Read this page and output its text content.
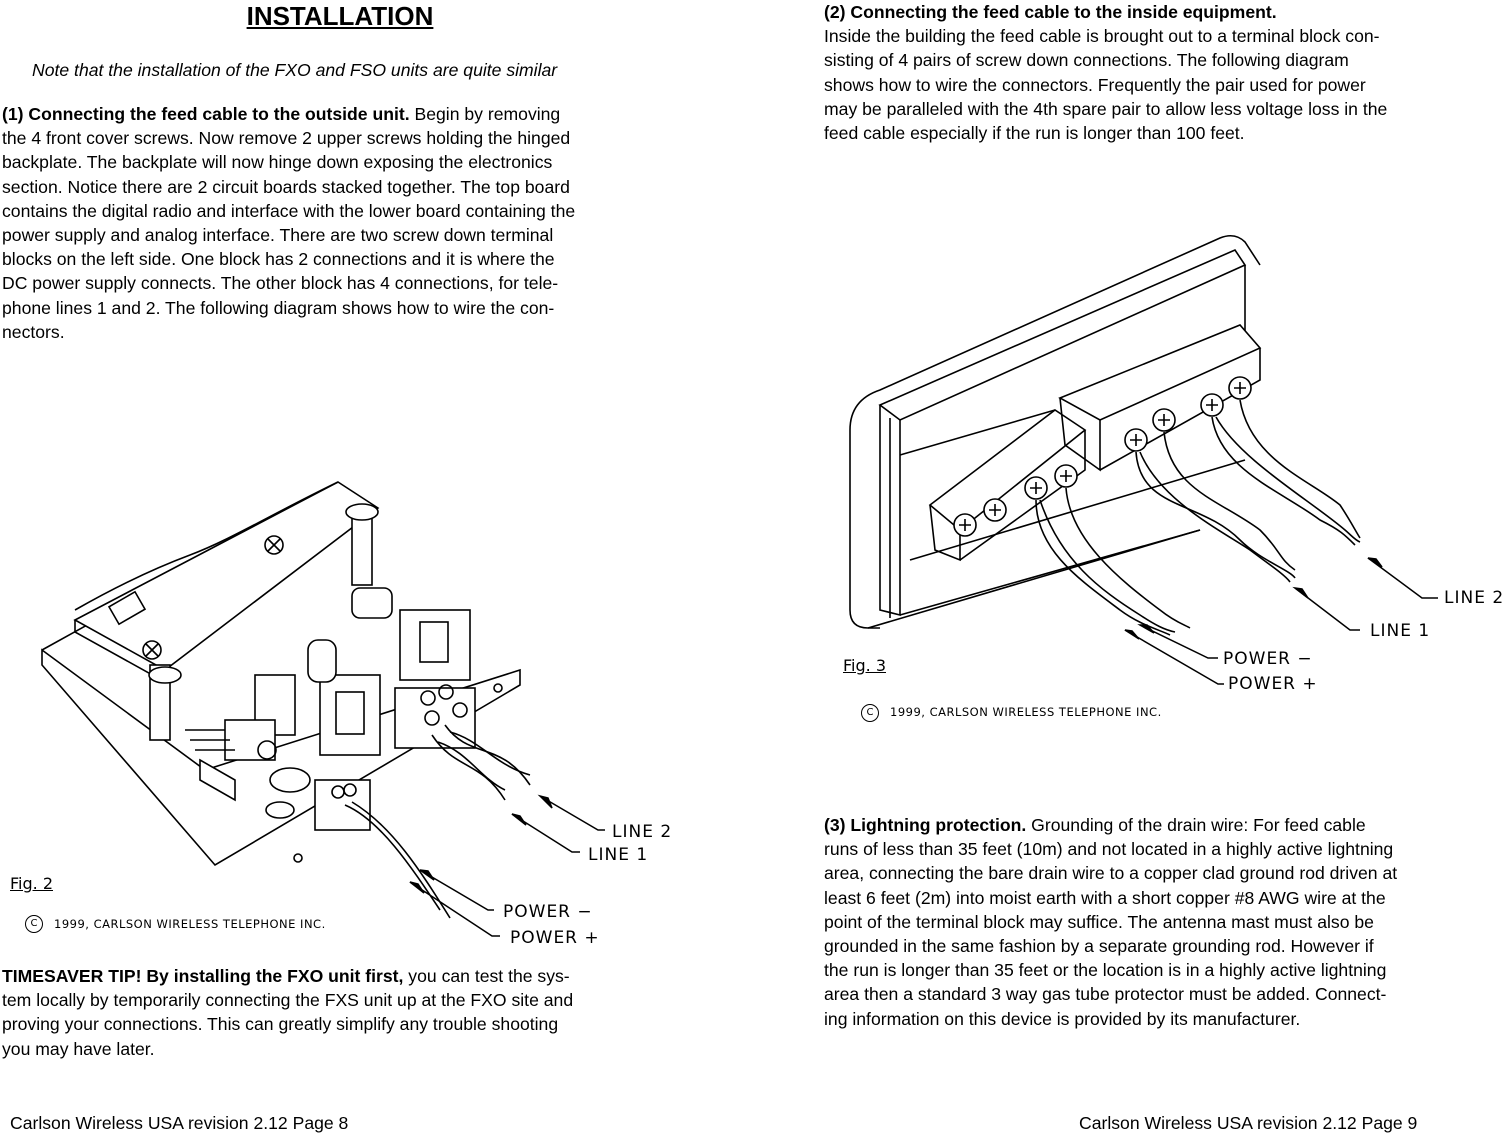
INSTALLATION
Note that the installation of the FXO and FSO units are quite similar
(1) Connecting the feed cable to the outside unit. Begin by removing
the 4 front cover screws. Now remove 2 upper screws holding the hinged
backplate. The backplate will now hinge down exposing the electronics
section. Notice there are 2 circuit boards stacked together. The top board
contains the digital radio and interface with the lower board containing the
power supply and analog interface. There are two screw down terminal
blocks on the left side. One block has 2 connections and it is where the
DC power supply connects. The other block has 4 connections, for tele-
phone lines 1 and 2. The following diagram shows how to wire the con-
nectors.
LINE 2
LINE 1
POWER −
POWER +
Fig. 2
C	1999, CARLSON WIRELESS TELEPHONE INC.
TIMESAVER TIP! By installing the FXO unit first, you can test the sys-
tem locally by temporarily connecting the FXS unit up at the FXO site and
proving your connections. This can greatly simplify any trouble shooting
you may have later.
Carlson Wireless USA revision 2.12 Page 8
(2) Connecting the feed cable to the inside equipment.
Inside the building the feed cable is brought out to a terminal block con-
sisting of 4 pairs of screw down connections. The following diagram
shows how to wire the connectors. Frequently the pair used for power
may be paralleled with the 4th spare pair to allow less voltage loss in the
feed cable especially if the run is longer than 100 feet.
LINE 2
LINE 1
POWER −
POWER +
Fig. 3
C	1999, CARLSON WIRELESS TELEPHONE INC.
(3) Lightning protection. Grounding of the drain wire: For feed cable
runs of less than 35 feet (10m) and not located in a highly active lightning
area, connecting the bare drain wire to a copper clad ground rod driven at
least 6 feet (2m) into moist earth with a short copper #8 AWG wire at the
point of the terminal block may suffice. The antenna mast must also be
grounded in the same fashion by a separate grounding rod. However if
the run is longer than 35 feet or the location is in a highly active lightning
area then a standard 3 way gas tube protector must be added. Connect-
ing information on this device is provided by its manufacturer.
Carlson Wireless USA revision 2.12 Page 9
